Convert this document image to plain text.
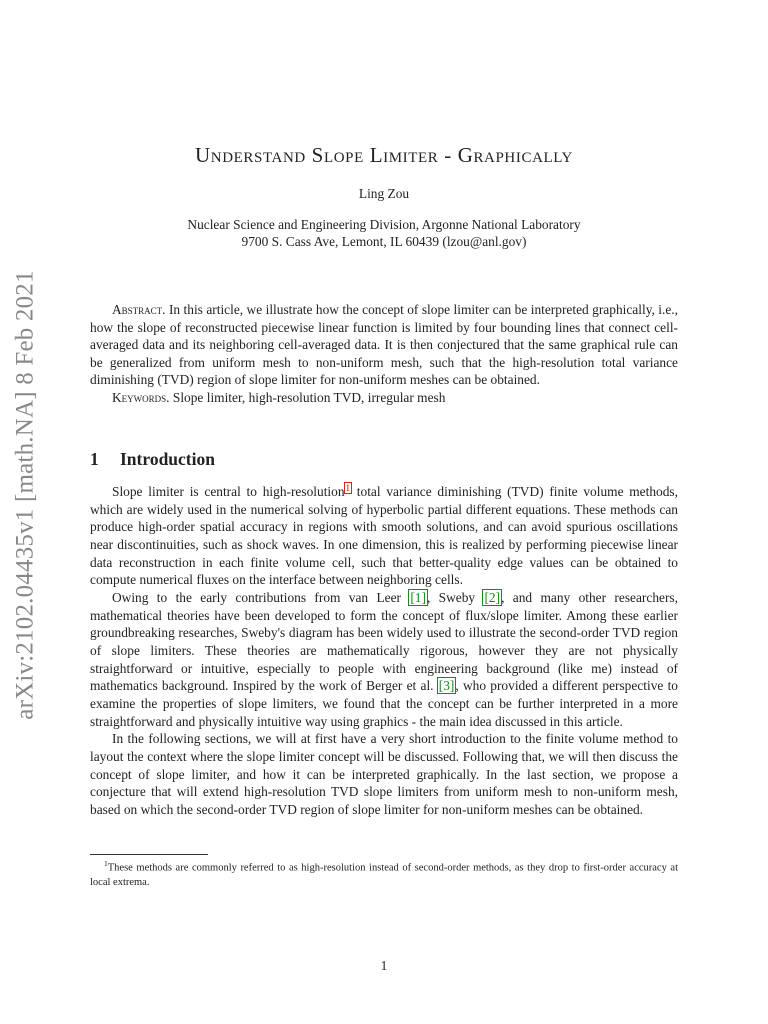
arXiv:2102.04435v1 [math.NA] 8 Feb 2021
Understand Slope Limiter - Graphically
Ling Zou
Nuclear Science and Engineering Division, Argonne National Laboratory
9700 S. Cass Ave, Lemont, IL 60439 (lzou@anl.gov)

Abstract. In this article, we illustrate how the concept of slope limiter can be interpreted graphically, i.e., how the slope of reconstructed piecewise linear function is limited by four bounding lines that connect cell-averaged data and its neighboring cell-averaged data. It is then conjectured that the same graphical rule can be generalized from uniform mesh to non-uniform mesh, such that the high-resolution total variance diminishing (TVD) region of slope limiter for non-uniform meshes can be obtained.

Keywords. Slope limiter, high-resolution TVD, irregular mesh

1 Introduction

Slope limiter is central to high-resolution$^1$ total variance diminishing (TVD) finite volume methods, which are widely used in the numerical solving of hyperbolic partial different equations. These methods can produce high-order spatial accuracy in regions with smooth solutions, and can avoid spurious oscillations near discontinuities, such as shock waves. In one dimension, this is realized by performing piecewise linear data reconstruction in each finite volume cell, such that better-quality edge values can be obtained to compute numerical fluxes on the interface between neighboring cells.

Owing to the early contributions from van Leer [1], Sweby [2], and many other researchers, mathematical theories have been developed to form the concept of flux/slope limiter. Among these earlier groundbreaking researches, Sweby's diagram has been widely used to illustrate the second-order TVD region of slope limiters. These theories are mathematically rigorous, however they are not physically straightforward or intuitive, especially to people with engineering background (like me) instead of mathematics background. Inspired by the work of Berger et al. [3], who provided a different perspective to examine the properties of slope limiters, we found that the concept can be further interpreted in a more straightforward and physically intuitive way using graphics - the main idea discussed in this article.

In the following sections, we will at first have a very short introduction to the finite volume method to layout the context where the slope limiter concept will be discussed. Following that, we will then discuss the concept of slope limiter, and how it can be interpreted graphically. In the last section, we propose a conjecture that will extend high-resolution TVD slope limiters from uniform mesh to non-uniform mesh, based on which the second-order TVD region of slope limiter for non-uniform meshes can be obtained.

$^1$These methods are commonly referred to as high-resolution instead of second-order methods, as they drop to first-order accuracy at local extrema.
1
